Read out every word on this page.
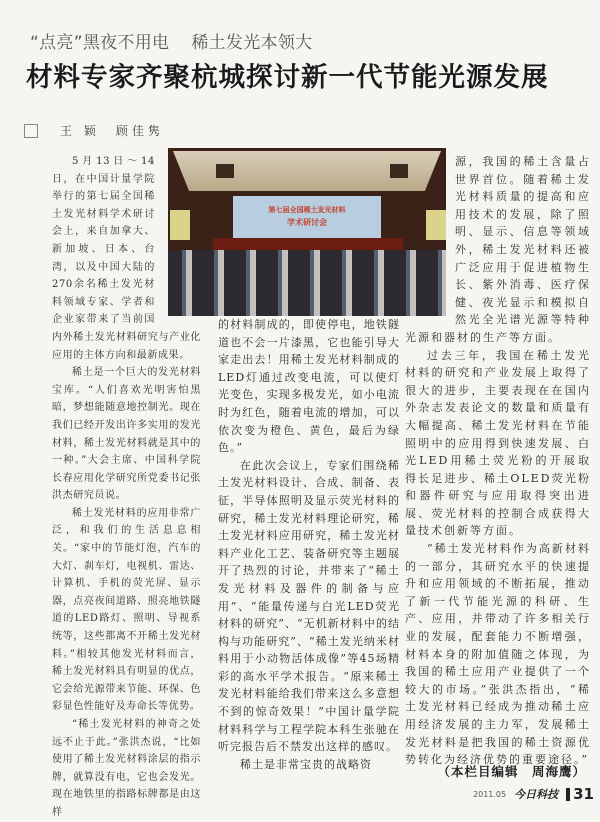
“点亮”黑夜不用电 稀土发光本领大
材料专家齐聚杭城探讨新一代节能光源发展
王 颖 顾佳隽
第七届全国稀土发光材料
学术研讨会

5月13日～14日，在中国计量学院举行的第七届全国稀土发光材料学术研讨会上，来自加拿大、新加坡、日本、台湾，以及中国大陆的270余名稀土发光材料领域专家、学者和企业家带来了当前国内外稀土发光材料研究与产业化应用的主体方向和最新成果。

稀土是一个巨大的发光材料宝库。“人们喜欢光明害怕黑暗，梦想能随意地控制光。现在我们已经开发出许多实用的发光材料，稀土发光材料就是其中的一种。”大会主席、中国科学院长春应用化学研究所党委书记张洪杰研究员说。

稀土发光材料的应用非常广泛，和我们的生活息息相关。“家中的节能灯泡，汽车的大灯、刹车灯，电视机、雷达、计算机、手机的荧光屏、显示器，点亮夜间道路、照亮地铁隧道的LED路灯、照明、导视系统等，这些都离不开稀土发光材料。”相较其他发光材料而言，稀土发光材料具有明显的优点，它会给光源带来节能、环保、色彩显色性能好及寿命长等优势。

“稀土发光材料的神奇之处远不止于此。”张洪杰说，“比如使用了稀土发光材料涂层的指示牌，就算没有电，它也会发光。现在地铁里的指路标牌都是由这样

的材料制成的，即使停电，地铁隧道也不会一片漆黑，它也能引导大家走出去！用稀土发光材料制成的LED灯通过改变电流，可以使灯光变色，实现多极发光，如小电流时为红色，随着电流的增加，可以依次变为橙色、黄色，最后为绿色。”

在此次会议上，专家们围绕稀土发光材料设计、合成、制备、表征，半导体照明及显示荧光材料的研究，稀土发光材料理论研究，稀土发光材料应用研究，稀土发光材料产业化工艺、装备研究等主题展开了热烈的讨论，并带来了“稀土发光材料及器件的制备与应用”、“能量传递与白光LED荧光材料的研究”、“无机新材料中的结构与功能研究”、“稀土发光纳米材料用于小动物活体成像”等45场精彩的高水平学术报告。“原来稀土发光材料能给我们带来这么多意想不到的惊奇效果！”中国计量学院材料科学与工程学院本科生张驰在听完报告后不禁发出这样的感叹。

稀土是非常宝贵的战略资

源，我国的稀土含量占世界首位。随着稀土发光材料质量的提高和应用技术的发展，除了照明、显示、信息等领域外，稀土发光材料还被广泛应用于促进植物生长、紫外消毒、医疗保健、夜光显示和模拟自然光全光谱光源等特种光源和器材的生产等方面。

过去三年，我国在稀土发光材料的研究和产业发展上取得了很大的进步，主要表现在在国内外杂志发表论文的数量和质量有大幅提高、稀土发光材料在节能照明中的应用得到快速发展、白光LED用稀土荧光粉的开展取得长足进步、稀土OLED荧光粉和器件研究与应用取得突出进展、荧光材料的控制合成获得大量技术创新等方面。

“稀土发光材料作为高新材料的一部分，其研究水平的快速提升和应用领域的不断拓展，推动了新一代节能光源的科研、生产、应用，并带动了许多相关行业的发展，配套能力不断增强，材料本身的附加值随之体现，为我国的稀土应用产业提供了一个较大的市场。”张洪杰指出，“稀土发光材料已经成为推动稀土应用经济发展的主力军，发展稀土发光材料是把我国的稀土资源优势转化为经济优势的重要途径。”

（本栏目编辑　周海鹰）
2011.05 今日科技 31
